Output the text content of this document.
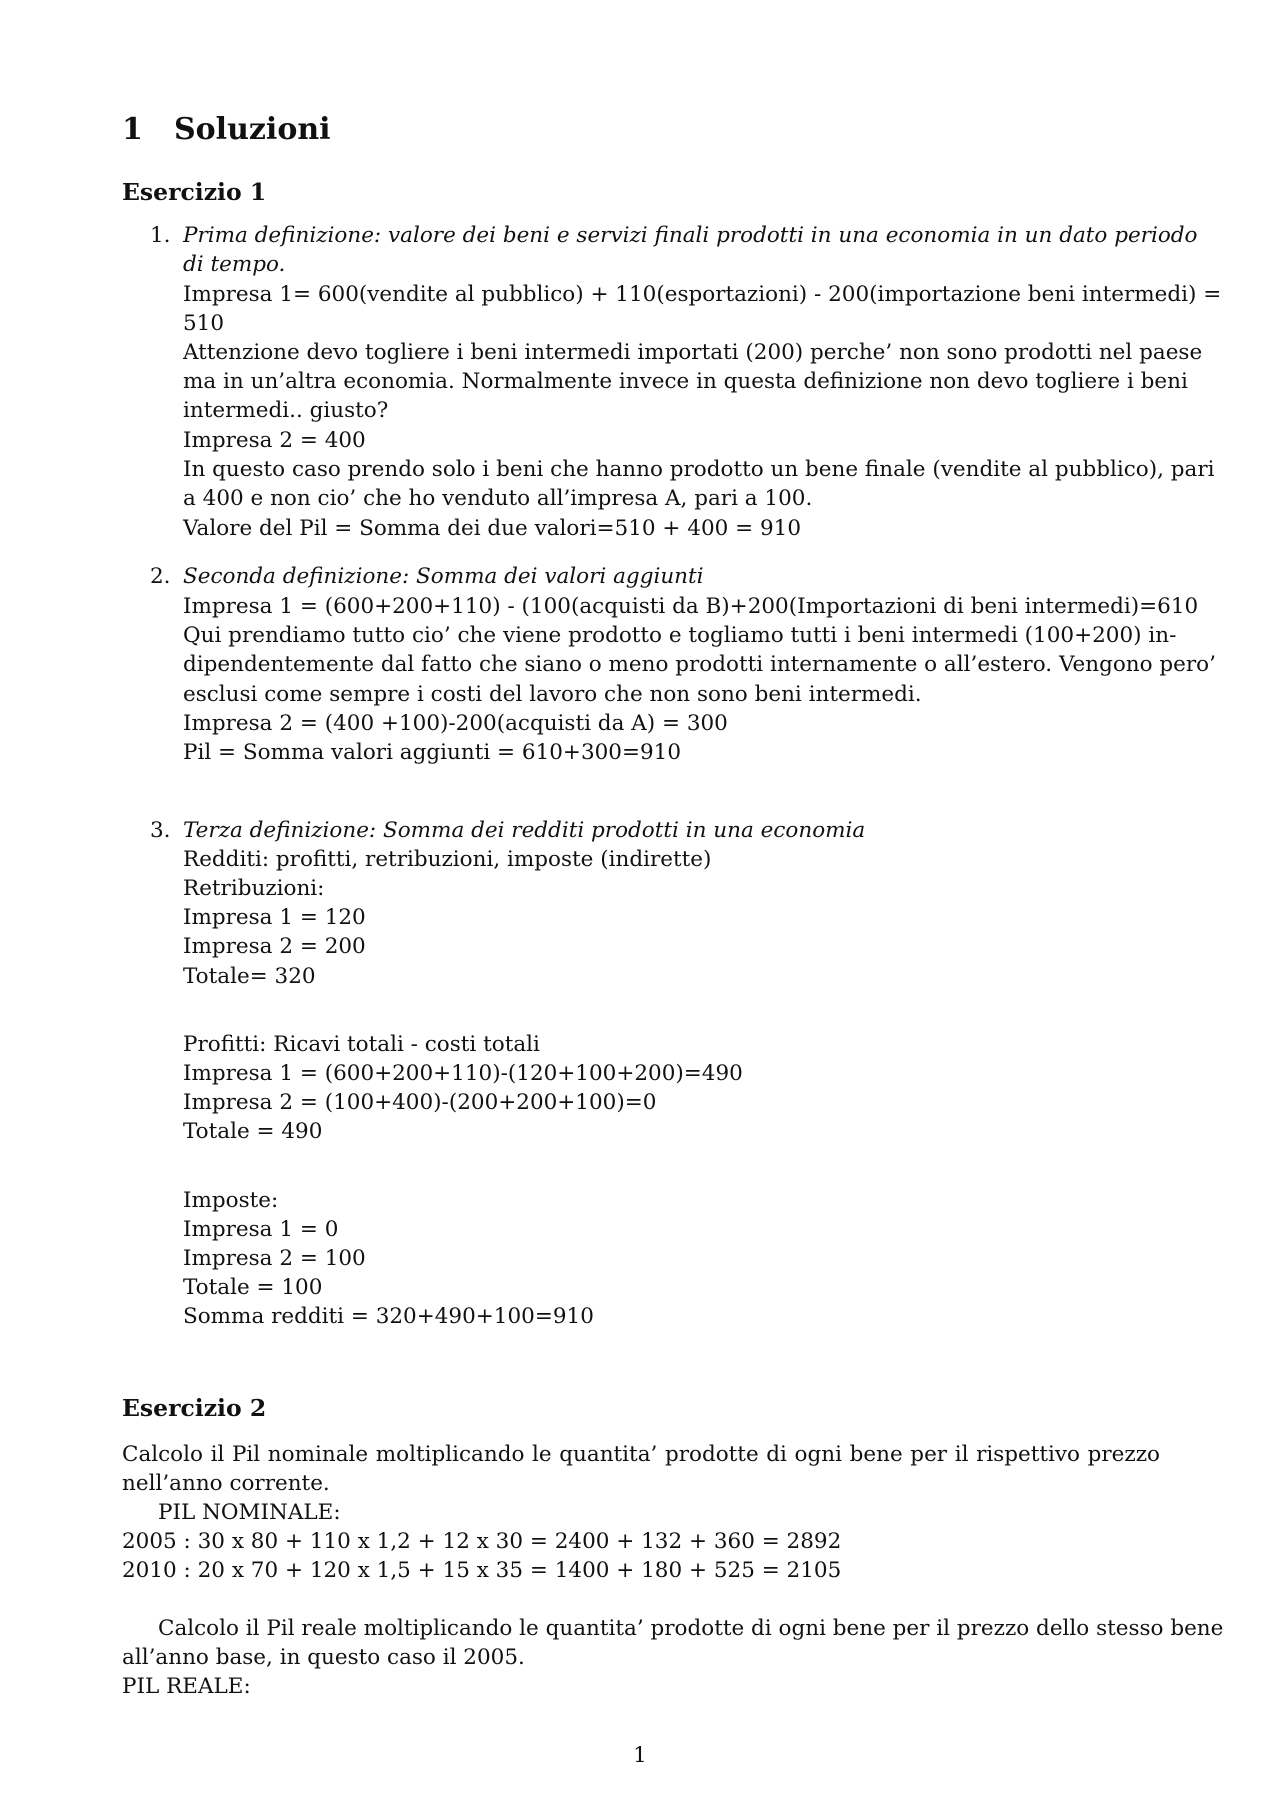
1 Soluzioni
Esercizio 1
1. Prima definizione: valore dei beni e servizi finali prodotti in una economia in un dato periodo
di tempo.
Impresa 1= 600(vendite al pubblico) + 110(esportazioni) - 200(importazione beni intermedi) =
510
Attenzione devo togliere i beni intermedi importati (200) perche’ non sono prodotti nel paese
ma in un’altra economia. Normalmente invece in questa definizione non devo togliere i beni
intermedi.. giusto?
Impresa 2 = 400
In questo caso prendo solo i beni che hanno prodotto un bene finale (vendite al pubblico), pari
a 400 e non cio’ che ho venduto all’impresa A, pari a 100.
Valore del Pil = Somma dei due valori=510 + 400 = 910
2. Seconda definizione: Somma dei valori aggiunti
Impresa 1 = (600+200+110) - (100(acquisti da B)+200(Importazioni di beni intermedi)=610
Qui prendiamo tutto cio’ che viene prodotto e togliamo tutti i beni intermedi (100+200) in-
dipendentemente dal fatto che siano o meno prodotti internamente o all’estero. Vengono pero’
esclusi come sempre i costi del lavoro che non sono beni intermedi.
Impresa 2 = (400 +100)-200(acquisti da A) = 300
Pil = Somma valori aggiunti = 610+300=910
3. Terza definizione: Somma dei redditi prodotti in una economia
Redditi: profitti, retribuzioni, imposte (indirette)
Retribuzioni:
Impresa 1 = 120
Impresa 2 = 200
Totale= 320
Profitti: Ricavi totali - costi totali
Impresa 1 = (600+200+110)-(120+100+200)=490
Impresa 2 = (100+400)-(200+200+100)=0
Totale = 490
Imposte:
Impresa 1 = 0
Impresa 2 = 100
Totale = 100
Somma redditi = 320+490+100=910
Esercizio 2
Calcolo il Pil nominale moltiplicando le quantita’ prodotte di ogni bene per il rispettivo prezzo
nell’anno corrente.
PIL NOMINALE:
2005 : 30 x 80 + 110 x 1,2 + 12 x 30 = 2400 + 132 + 360 = 2892
2010 : 20 x 70 + 120 x 1,5 + 15 x 35 = 1400 + 180 + 525 = 2105
Calcolo il Pil reale moltiplicando le quantita’ prodotte di ogni bene per il prezzo dello stesso bene
all’anno base, in questo caso il 2005.
PIL REALE:
1
